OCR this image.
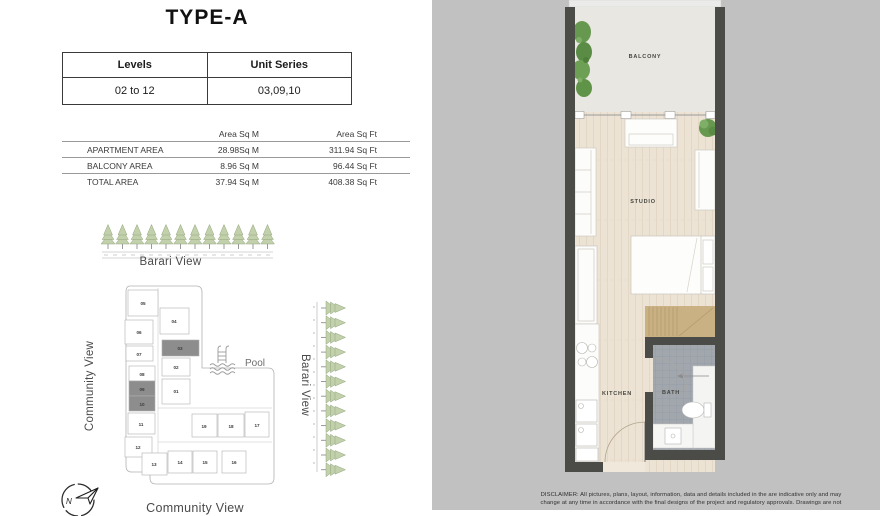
TYPE-A
Levels	Unit Series
02 to 12	03,09,10
	Area Sq M	Area Sq Ft
APARTMENT AREA	28.98Sq M	311.94 Sq Ft
BALCONY AREA	8.96 Sq M	96.44 Sq Ft
TOTAL AREA	37.94 Sq M	408.38 Sq Ft
Barari View
05
06
07
08
09
10
11
12
04
03
02
01
19	18	17
13	14	15	16
Pool
Community View	Barari View
Community View
N
BALCONY
STUDIO
KITCHEN	BATH
DISCLAIMER: All pictures, plans, layout, information, data and details included in the are indicative only and may
change at any time in accordance with the final designs of the project and regulatory approvals. Drawings are not
